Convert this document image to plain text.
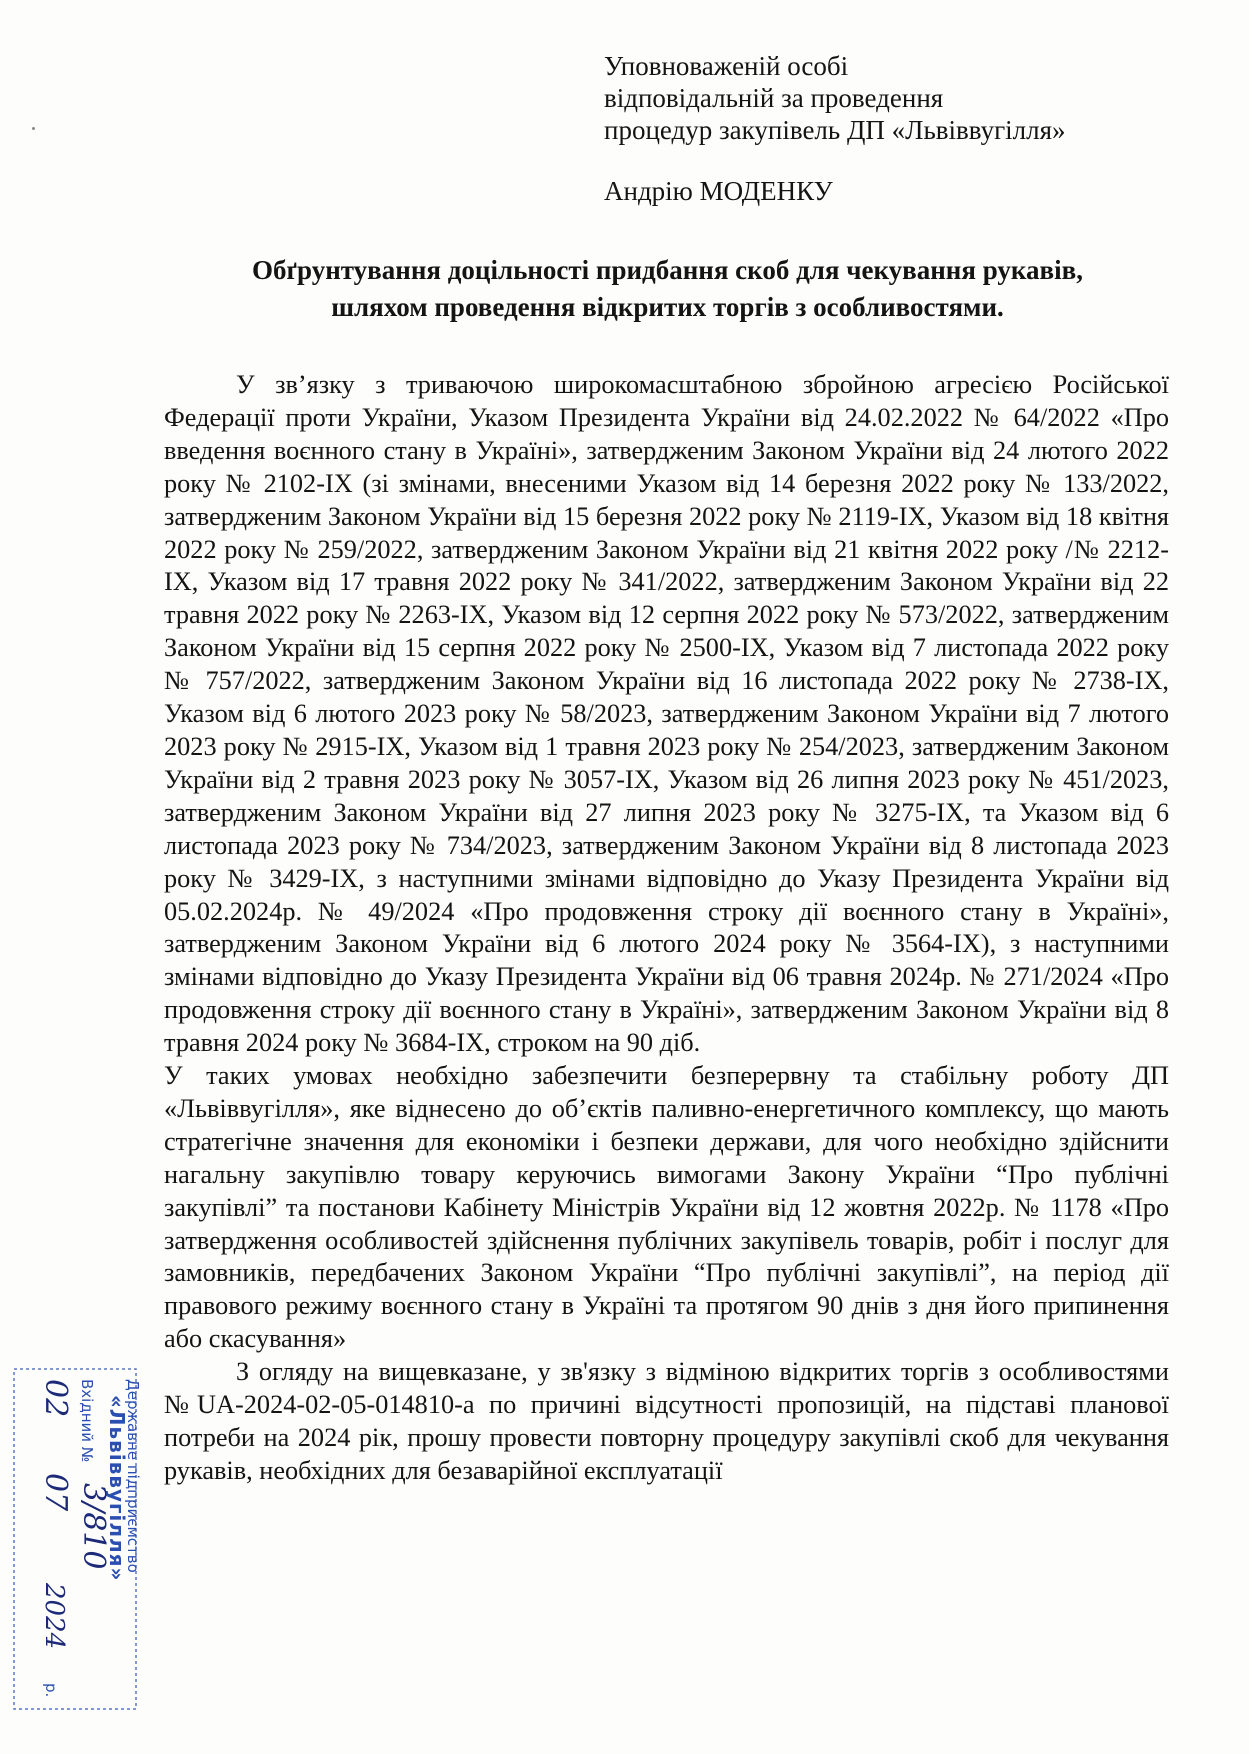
Уповноваженій особі
відповідальній за проведення
процедур закупівель ДП «Львіввугілля»
Андрію МОДЕНКУ
Обґрунтування доцільності придбання скоб для чекування рукавів,
шляхом проведення відкритих торгів з особливостями.

У зв’язку з триваючою широкомасштабною збройною агресією Російської Федерації проти України, Указом Президента України від 24.02.2022 № 64/2022 «Про введення воєнного стану в Україні», затвердженим Законом України від 24 лютого 2022 року № 2102-IX (зі змінами, внесеними Указом від 14 березня 2022 року № 133/2022, затвердженим Законом України від 15 березня 2022 року № 2119-IX, Указом від 18 квітня 2022 року № 259/2022, затвердженим Законом України від 21 квітня 2022 року /№ 2212-IX, Указом від 17 травня 2022 року № 341/2022, затвердженим Законом України від 22 травня 2022 року № 2263-IX, Указом від 12 серпня 2022 року № 573/2022, затвердженим Законом України від 15 серпня 2022 року № 2500-IX, Указом від 7 листопада 2022 року № 757/2022, затвердженим Законом України від 16 листопада 2022 року № 2738-IX, Указом від 6 лютого 2023 року № 58/2023, затвердженим Законом України від 7 лютого 2023 року № 2915-IX, Указом від 1 травня 2023 року № 254/2023, затвердженим Законом України від 2 травня 2023 року № 3057-IX, Указом від 26 липня 2023 року № 451/2023, затвердженим Законом України від 27 липня 2023 року № 3275-IX, та Указом від 6 листопада 2023 року № 734/2023, затвердженим Законом України від 8 листопада 2023 року № 3429-IX, з наступними змінами відповідно до Указу Президента України від 05.02.2024р. № 49/2024 «Про продовження строку дії воєнного стану в Україні», затвердженим Законом України від 6 лютого 2024 року № 3564-IX), з наступними змінами відповідно до Указу Президента України від 06 травня 2024р. № 271/2024 «Про продовження строку дії воєнного стану в Україні», затвердженим Законом України від 8 травня 2024 року № 3684-IX, строком на 90 діб.

У таких умовах необхідно забезпечити безперервну та стабільну роботу ДП «Львіввугілля», яке віднесено до об’єктів паливно-енергетичного комплексу, що мають стратегічне значення для економіки і безпеки держави, для чого необхідно здійснити нагальну закупівлю товару керуючись вимогами Закону України “Про публічні закупівлі” та постанови Кабінету Міністрів України від 12 жовтня 2022р. № 1178 «Про затвердження особливостей здійснення публічних закупівель товарів, робіт і послуг для замовників, передбачених Законом України “Про публічні закупівлі”, на період дії правового режиму воєнного стану в Україні та протягом 90 днів з дня його припинення або скасування»

З огляду на вищевказане, у зв'язку з відміною відкритих торгів з особливостями №UA-2024-02-05-014810-a по причині відсутності пропозицій, на підставі планової потреби на 2024 рік, прошу провести повторну процедуру закупівлі скоб для чекування рукавів, необхідних для безаварійної експлуатації

Державне підприємство
«Львіввугілля»
Вхідний №
3/810
02
07
2024
р.
